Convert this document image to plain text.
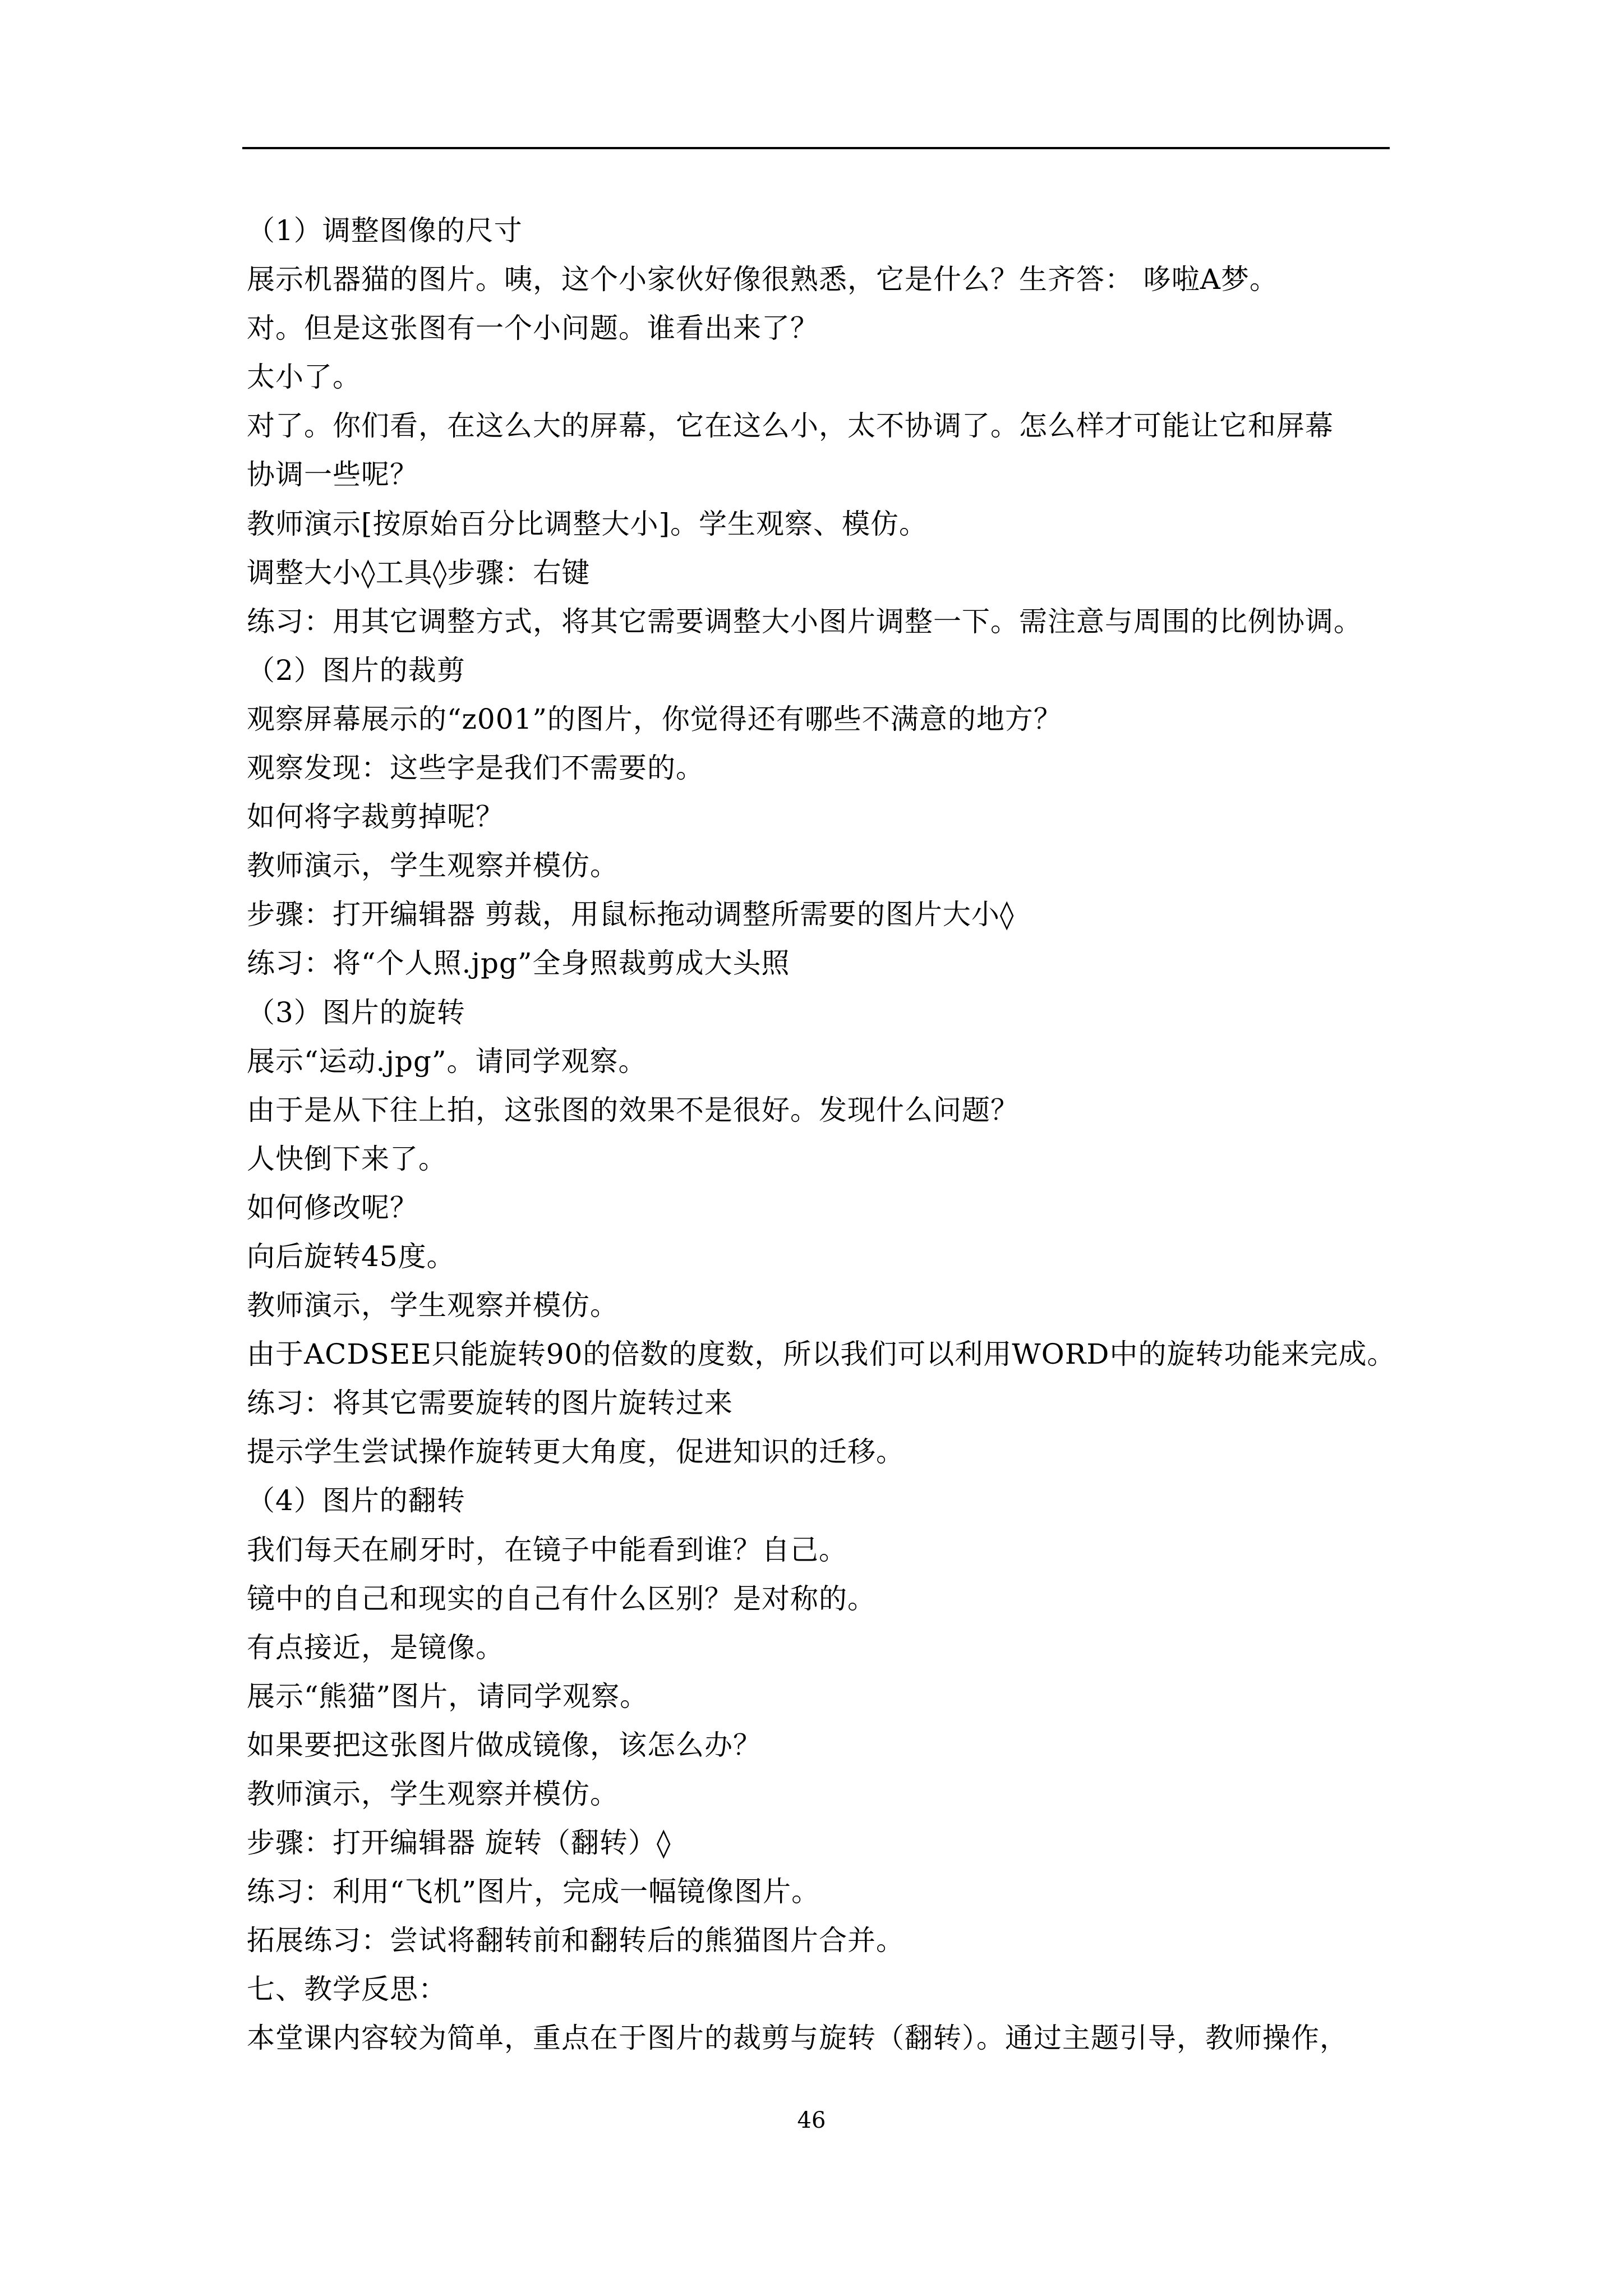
（1）调整图像的尺寸
展示机器猫的图片。咦，这个小家伙好像很熟悉，它是什么？生齐答： 哆啦A梦。
对。但是这张图有一个小问题。谁看出来了？
太小了。
对了。你们看，在这么大的屏幕，它在这么小，太不协调了。怎么样才可能让它和屏幕
协调一些呢？
教师演示[按原始百分比调整大小]。学生观察、模仿。
调整大小◊工具◊步骤：右键
练习：用其它调整方式，将其它需要调整大小图片调整一下。需注意与周围的比例协调。
（2）图片的裁剪
观察屏幕展示的“z001”的图片，你觉得还有哪些不满意的地方？
观察发现：这些字是我们不需要的。
如何将字裁剪掉呢？
教师演示，学生观察并模仿。
步骤：打开编辑器 剪裁，用鼠标拖动调整所需要的图片大小◊
练习：将“个人照.jpg”全身照裁剪成大头照
（3）图片的旋转
展示“运动.jpg”。请同学观察。
由于是从下往上拍，这张图的效果不是很好。发现什么问题？
人快倒下来了。
如何修改呢？
向后旋转45度。
教师演示，学生观察并模仿。
由于ACDSEE只能旋转90的倍数的度数，所以我们可以利用WORD中的旋转功能来完成。
练习：将其它需要旋转的图片旋转过来
提示学生尝试操作旋转更大角度，促进知识的迁移。
（4）图片的翻转
我们每天在刷牙时，在镜子中能看到谁？自己。
镜中的自己和现实的自己有什么区别？是对称的。
有点接近，是镜像。
展示“熊猫”图片，请同学观察。
如果要把这张图片做成镜像，该怎么办？
教师演示，学生观察并模仿。
步骤：打开编辑器 旋转（翻转）◊
练习：利用“飞机”图片，完成一幅镜像图片。
拓展练习：尝试将翻转前和翻转后的熊猫图片合并。
七、教学反思：
本堂课内容较为简单，重点在于图片的裁剪与旋转（翻转）。通过主题引导，教师操作，
46
